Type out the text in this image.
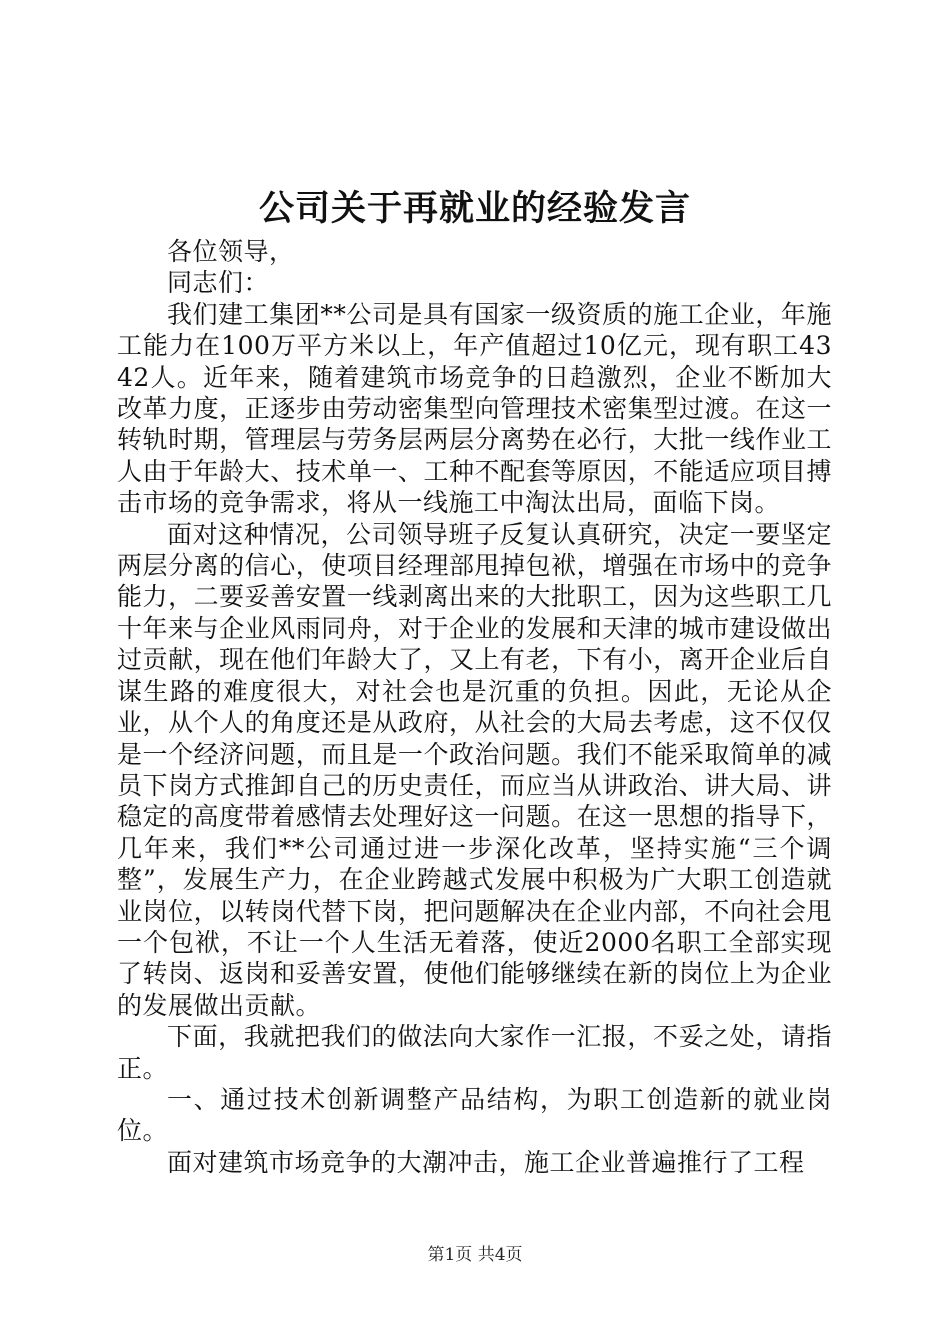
公司关于再就业的经验发言

各位领导，

同志们：

我们建工集团**公司是具有国家一级资质的施工企业，年施工能力在100万平方米以上，年产值超过10亿元，现有职工4342人。近年来，随着建筑市场竞争的日趋激烈，企业不断加大改革力度，正逐步由劳动密集型向管理技术密集型过渡。在这一转轨时期，管理层与劳务层两层分离势在必行，大批一线作业工人由于年龄大、技术单一、工种不配套等原因，不能适应项目搏击市场的竞争需求，将从一线施工中淘汰出局，面临下岗。

面对这种情况，公司领导班子反复认真研究，决定一要坚定两层分离的信心，使项目经理部甩掉包袱，增强在市场中的竞争能力，二要妥善安置一线剥离出来的大批职工，因为这些职工几十年来与企业风雨同舟，对于企业的发展和天津的城市建设做出过贡献，现在他们年龄大了，又上有老，下有小，离开企业后自谋生路的难度很大，对社会也是沉重的负担。因此，无论从企业，从个人的角度还是从政府，从社会的大局去考虑，这不仅仅是一个经济问题，而且是一个政治问题。我们不能采取简单的减员下岗方式推卸自己的历史责任，而应当从讲政治、讲大局、讲稳定的高度带着感情去处理好这一问题。在这一思想的指导下，几年来，我们**公司通过进一步深化改革，坚持实施“三个调整”，发展生产力，在企业跨越式发展中积极为广大职工创造就业岗位，以转岗代替下岗，把问题解决在企业内部，不向社会甩一个包袱，不让一个人生活无着落，使近2000名职工全部实现了转岗、返岗和妥善安置，使他们能够继续在新的岗位上为企业的发展做出贡献。

下面，我就把我们的做法向大家作一汇报，不妥之处，请指正。

一、通过技术创新调整产品结构，为职工创造新的就业岗位。

面对建筑市场竞争的大潮冲击，施工企业普遍推行了工程

第1页 共4页
